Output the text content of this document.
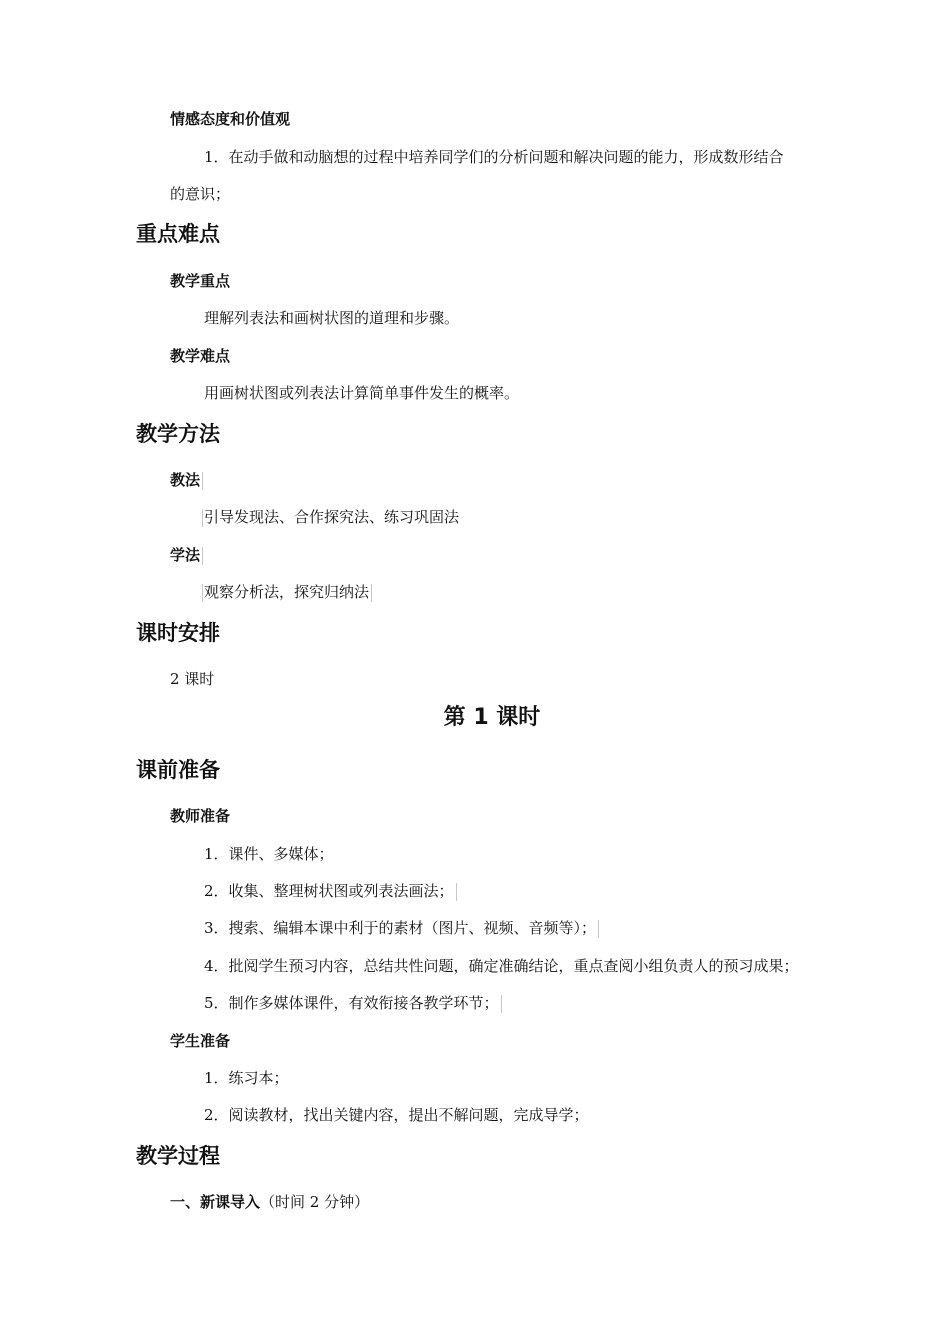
情感态度和价值观
1．在动手做和动脑想的过程中培养同学们的分析问题和解决问题的能力，形成数形结合
的意识；
重点难点
教学重点
理解列表法和画树状图的道理和步骤。
教学难点
用画树状图或列表法计算简单事件发生的概率。
教学方法
教法
引导发现法、合作探究法、练习巩固法
学法
观察分析法，探究归纳法
课时安排
2 课时
第 1 课时
课前准备
教师准备
1．课件、多媒体；
2．收集、整理树状图或列表法画法；
3．搜索、编辑本课中利于的素材（图片、视频、音频等）；
4．批阅学生预习内容，总结共性问题，确定准确结论，重点查阅小组负责人的预习成果；
5．制作多媒体课件，有效衔接各教学环节；
学生准备
1．练习本；
2．阅读教材，找出关键内容，提出不解问题，完成导学；
教学过程
一、新课导入（时间 2 分钟）
